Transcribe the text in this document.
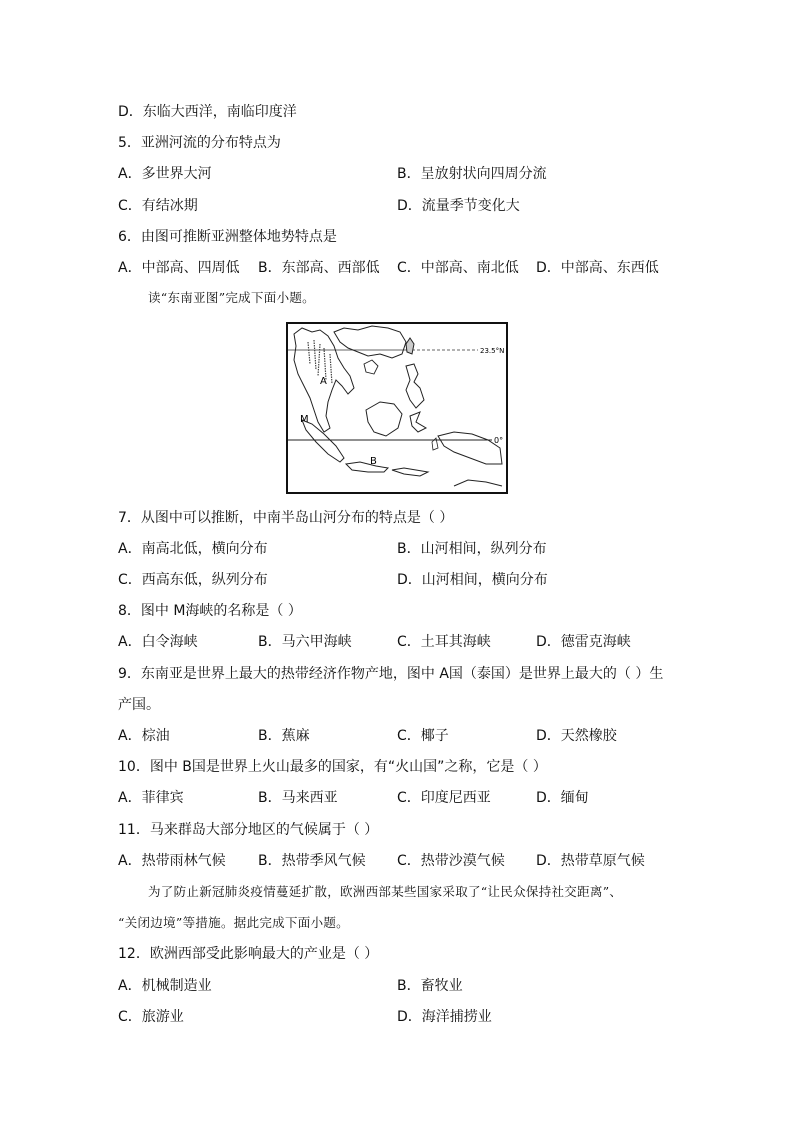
D．东临大西洋，南临印度洋
5．亚洲河流的分布特点为
A．多世界大河	B．呈放射状向四周分流
C．有结冰期	D．流量季节变化大
6．由图可推断亚洲整体地势特点是
A．中部高、四周低 B．东部高、西部低 C．中部高、南北低 D．中部高、东西低
读“东南亚图”完成下面小题。
23.5°N
0°
A
B
M
7．从图中可以推断，中南半岛山河分布的特点是（ ）
A．南高北低，横向分布	B．山河相间，纵列分布
C．西高东低，纵列分布	D．山河相间，横向分布
8．图中 M海峡的名称是（ ）
A．白令海峡	B．马六甲海峡	C．土耳其海峡	D．德雷克海峡
9．东南亚是世界上最大的热带经济作物产地，图中 A国（泰国）是世界上最大的（ ）生
产国。
A．棕油	B．蕉麻	C．椰子	D．天然橡胶
10．图中 B国是世界上火山最多的国家，有“火山国”之称，它是（ ）
A．菲律宾	B．马来西亚	C．印度尼西亚	D．缅甸
11．马来群岛大部分地区的气候属于（ ）
A．热带雨林气候 B．热带季风气候 C．热带沙漠气候 D．热带草原气候
为了防止新冠肺炎疫情蔓延扩散，欧洲西部某些国家采取了“让民众保持社交距离”、
“关闭边境”等措施。据此完成下面小题。
12．欧洲西部受此影响最大的产业是（ ）
A．机械制造业	B．畜牧业
C．旅游业	D．海洋捕捞业
